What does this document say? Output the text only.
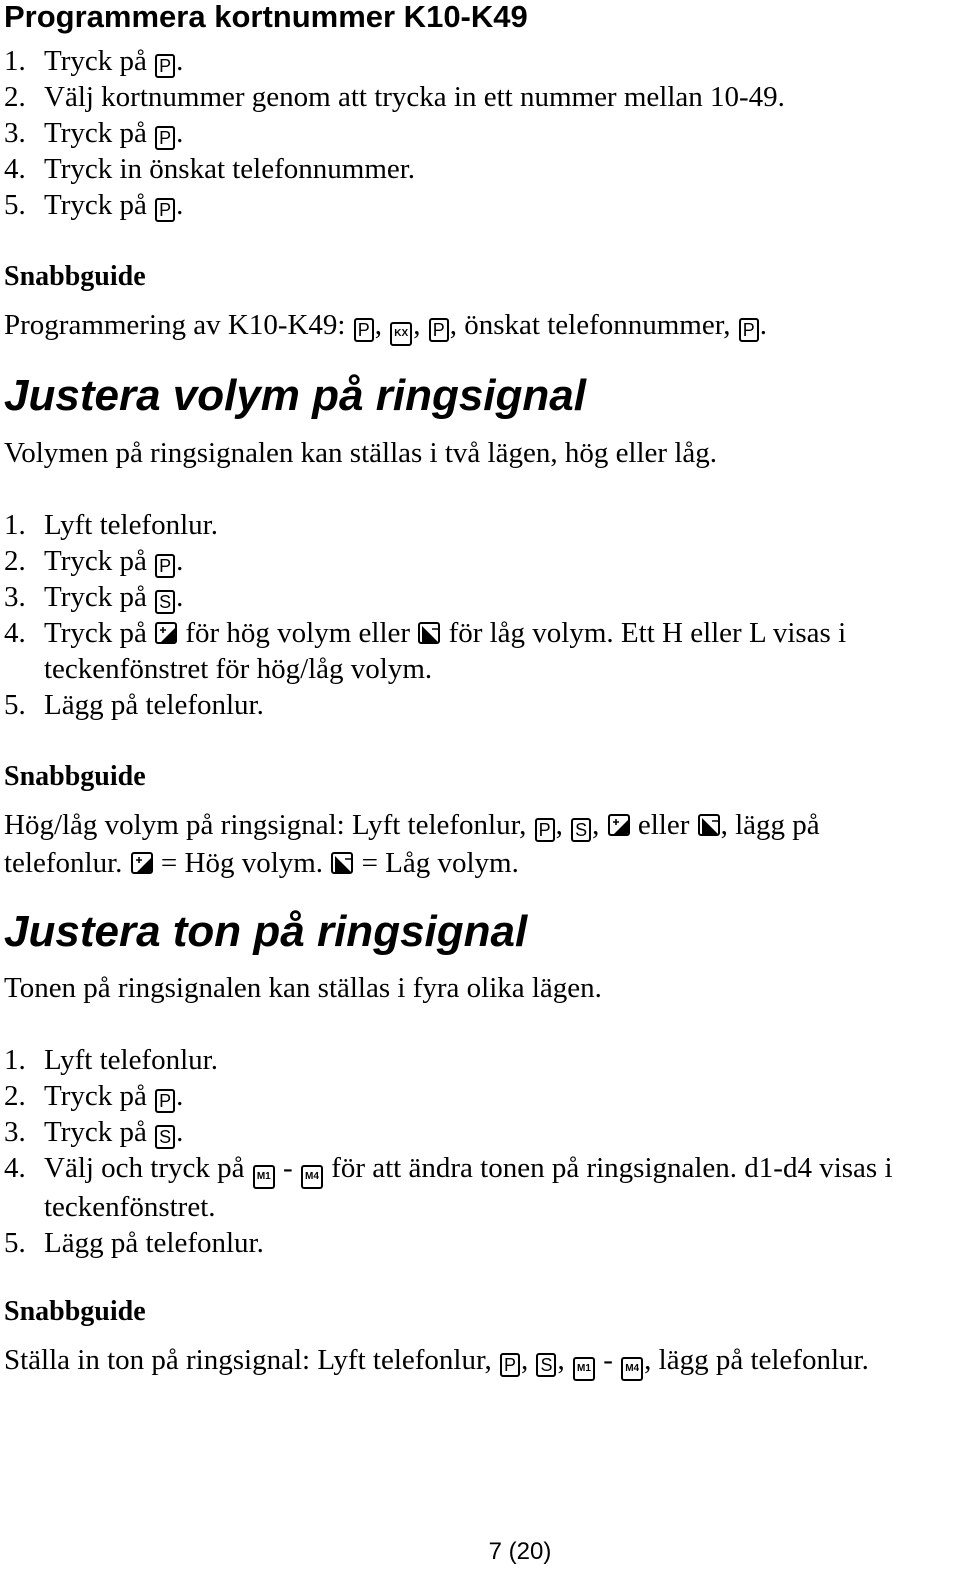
Programmera kortnummer K10-K49
1. Tryck på P .
2. Välj kortnummer genom att trycka in ett nummer mellan 10-49.
3. Tryck på P .
4. Tryck in önskat telefonnummer.
5. Tryck på P .
Snabbguide
Programmering av K10-K49: P , KX , P , önskat telefonnummer, P .
Justera volym på ringsignal
Volymen på ringsignalen kan ställas i två lägen, hög eller låg.
1. Lyft telefonlur.
2. Tryck på P .
3. Tryck på S .
4. Tryck på
för hög volym eller
för låg volym. Ett H eller L visas i
teckenfönstret för hög/låg volym.
5. Lägg på telefonlur.
Snabbguide
Hög/låg volym på ringsignal: Lyft telefonlur, P , S ,
eller
, lägg på
telefonlur.
= Hög volym.
= Låg volym.
Justera ton på ringsignal
Tonen på ringsignalen kan ställas i fyra olika lägen.
1. Lyft telefonlur.
2. Tryck på P .
3. Tryck på S .
4. Välj och tryck på M1 - M4 för att ändra tonen på ringsignalen. d1-d4 visas i
teckenfönstret.
5. Lägg på telefonlur.
Snabbguide
Ställa in ton på ringsignal: Lyft telefonlur, P , S , M1 - M4 , lägg på telefonlur.
7 (20)
